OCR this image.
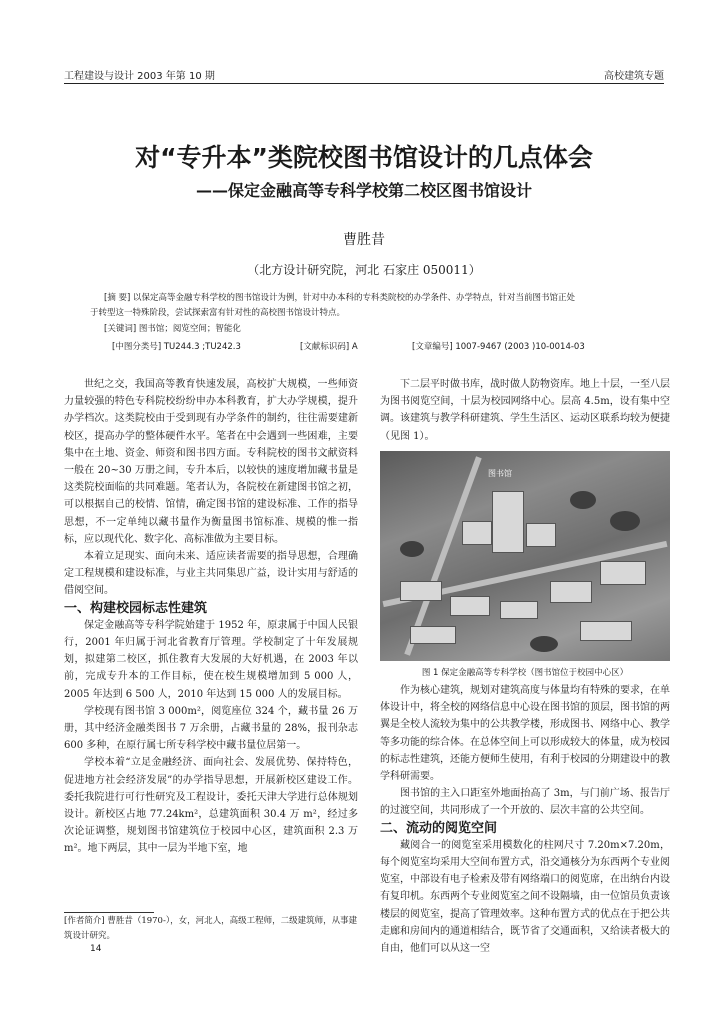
工程建设与设计 2003 年第 10 期	高校建筑专题
对“专升本”类院校图书馆设计的几点体会
——保定金融高等专科学校第二校区图书馆设计
曹胜昔
（北方设计研究院，河北 石家庄 050011）
[摘 要] 以保定高等金融专科学校的图书馆设计为例，针对中办本科的专科类院校的办学条件、办学特点，针对当前图书馆正处
于转型这一特殊阶段，尝试探索富有针对性的高校图书馆设计特点。
[关键词] 图书馆；阅览空间；智能化
[中图分类号] TU244.3 ;TU242.3	[文献标识码] A	[文章编号] 1007-9467 (2003 )10-0014-03

世纪之交，我国高等教育快速发展，高校扩大规模，一些师资力量较强的特色专科院校纷纷申办本科教育，扩大办学规模，提升办学档次。这类院校由于受到现有办学条件的制约，往往需要建新校区，提高办学的整体硬件水平。笔者在中会遇到一些困难，主要集中在土地、资金、师资和图书四方面。专科院校的图书文献资料一般在 20~30 万册之间，专升本后，以较快的速度增加藏书量是这类院校面临的共同难题。笔者认为，各院校在新建图书馆之初，可以根据自己的校情、馆情，确定图书馆的建设标准、工作的指导思想，不一定单纯以藏书量作为衡量图书馆标准、规模的惟一指标，应以现代化、数字化、高标准做为主要目标。

本着立足现实、面向未来、适应读者需要的指导思想，合理确定工程规模和建设标准，与业主共同集思广益，设计实用与舒适的借阅空间。

一、构建校园标志性建筑

保定金融高等专科学院始建于 1952 年，原隶属于中国人民银行，2001 年归属于河北省教育厅管理。学校制定了十年发展规划，拟建第二校区，抓住教育大发展的大好机遇，在 2003 年以前，完成专升本的工作目标，使在校生规模增加到 5 000 人，2005 年达到 6 500 人，2010 年达到 15 000 人的发展目标。

学校现有图书馆 3 000m²，阅览座位 324 个，藏书量 26 万册，其中经济金融类图书 7 万余册，占藏书量的 28%，报刊杂志 600 多种，在原行属七所专科学校中藏书量位居第一。

学校本着“立足金融经济、面向社会、发展优势、保持特色，促进地方社会经济发展”的办学指导思想，开展新校区建设工作。委托我院进行可行性研究及工程设计，委托天津大学进行总体规划设计。新校区占地 77.24km²，总建筑面积 30.4 万 m²，经过多次论证调整，规划图书馆建筑位于校园中心区，建筑面积 2.3 万 m²。地下两层，其中一层为半地下室，地

下二层平时做书库，战时做人防物资库。地上十层，一至八层为图书阅览空间，十层为校园网络中心。层高 4.5m，设有集中空调。该建筑与教学科研建筑、学生生活区、运动区联系均较为便捷（见图 1）。

图书馆

图 1 保定金融高等专科学校（图书馆位于校园中心区）

作为核心建筑，规划对建筑高度与体量均有特殊的要求，在单体设计中，将全校的网络信息中心设在图书馆的顶层，图书馆的两翼是全校人流较为集中的公共教学楼，形成图书、网络中心、教学等多功能的综合体。在总体空间上可以形成较大的体量，成为校园的标志性建筑，还能方便师生使用，有利于校园的分期建设中的教学科研需要。

图书馆的主入口距室外地面抬高了 3m，与门前广场、报告厅的过渡空间，共同形成了一个开放的、层次丰富的公共空间。

二、流动的阅览空间

藏阅合一的阅览室采用模数化的柱网尺寸 7.20m×7.20m，每个阅览室均采用大空间布置方式，沿交通核分为东西两个专业阅览室，中部设有电子检索及带有网络端口的阅览席，在出纳台内设有复印机。东西两个专业阅览室之间不设隔墙，由一位馆员负责该楼层的阅览室，提高了管理效率。这种布置方式的优点在于把公共走廊和房间内的通道相结合，既节省了交通面积，又给读者极大的自由，他们可以从这一空

[作者简介] 曹胜昔（1970-），女，河北人，高级工程师，二级建筑师，从事建筑设计研究。
14
